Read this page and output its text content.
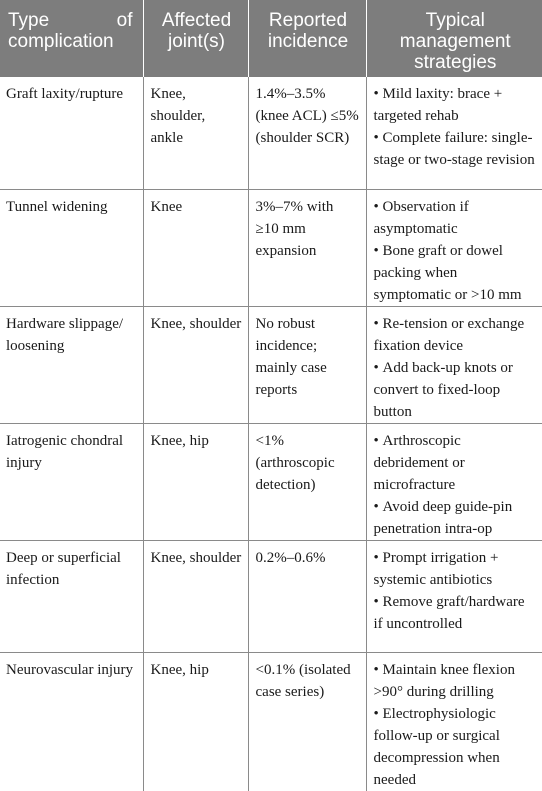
Type of complication	Affected joint(s)	Reported incidence	Typical management strategies
Graft laxity/rupture	Knee, shoulder, ankle	1.4%–3.5% (knee ACL) ≤5% (shoulder SCR)	• Mild laxity: brace + targeted rehab
• Complete failure: single-stage or two-stage revision

Tunnel widening	Knee	3%–7% with ≥10 mm expansion	• Observation if asymptomatic
• Bone graft or dowel packing when symptomatic or >10 mm

Hardware slippage/ loosening	Knee, shoulder	No robust incidence; mainly case reports	• Re-tension or exchange fixation device
• Add back-up knots or convert to fixed-loop button

Iatrogenic chondral injury	Knee, hip	<1% (arthroscopic detection)	• Arthroscopic debridement or microfracture
• Avoid deep guide-pin penetration intra-op

Deep or superficial infection	Knee, shoulder	0.2%–0.6%	• Prompt irrigation + systemic antibiotics
• Remove graft/hardware if uncontrolled

Neurovascular injury	Knee, hip	<0.1% (isolated case series)	• Maintain knee flexion >90° during drilling
• Electrophysiologic follow-up or surgical decompression when needed
